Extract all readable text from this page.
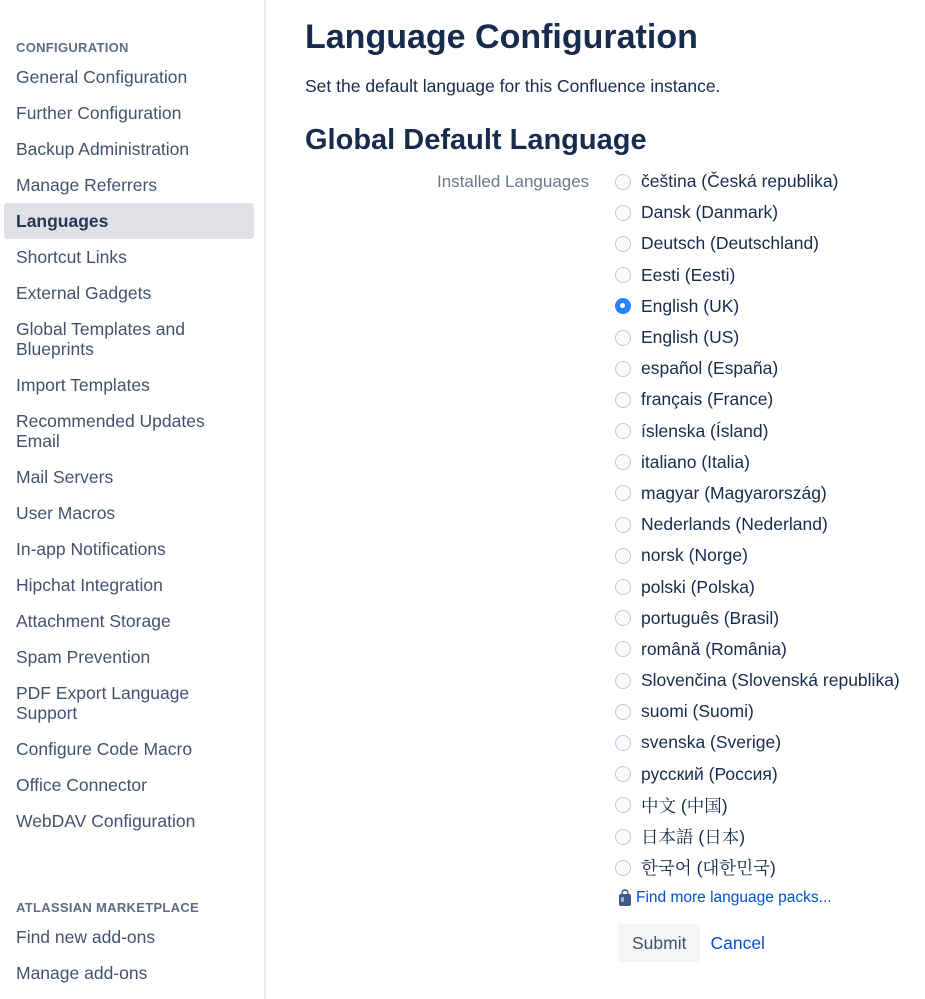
CONFIGURATION
General Configuration
Further Configuration
Backup Administration
Manage Referrers
Languages
Shortcut Links
External Gadgets
Global Templates and Blueprints
Import Templates
Recommended Updates Email
Mail Servers
User Macros
In-app Notifications
Hipchat Integration
Attachment Storage
Spam Prevention
PDF Export Language Support
Configure Code Macro
Office Connector
WebDAV Configuration
ATLASSIAN MARKETPLACE
Find new add-ons
Manage add-ons
Language Configuration
Set the default language for this Confluence instance.
Global Default Language
Installed Languages	čeština (Česká republika)
Dansk (Danmark)
Deutsch (Deutschland)
Eesti (Eesti)
English (UK)
English (US)
español (España)
français (France)
íslenska (Ísland)
italiano (Italia)
magyar (Magyarország)
Nederlands (Nederland)
norsk (Norge)
polski (Polska)
português (Brasil)
română (România)
Slovenčina (Slovenská republika)
suomi (Suomi)
svenska (Sverige)
русский (Россия)
中文 (中国)
日本語 (日本)
한국어 (대한민국)
Find more language packs...
Submit	Cancel
